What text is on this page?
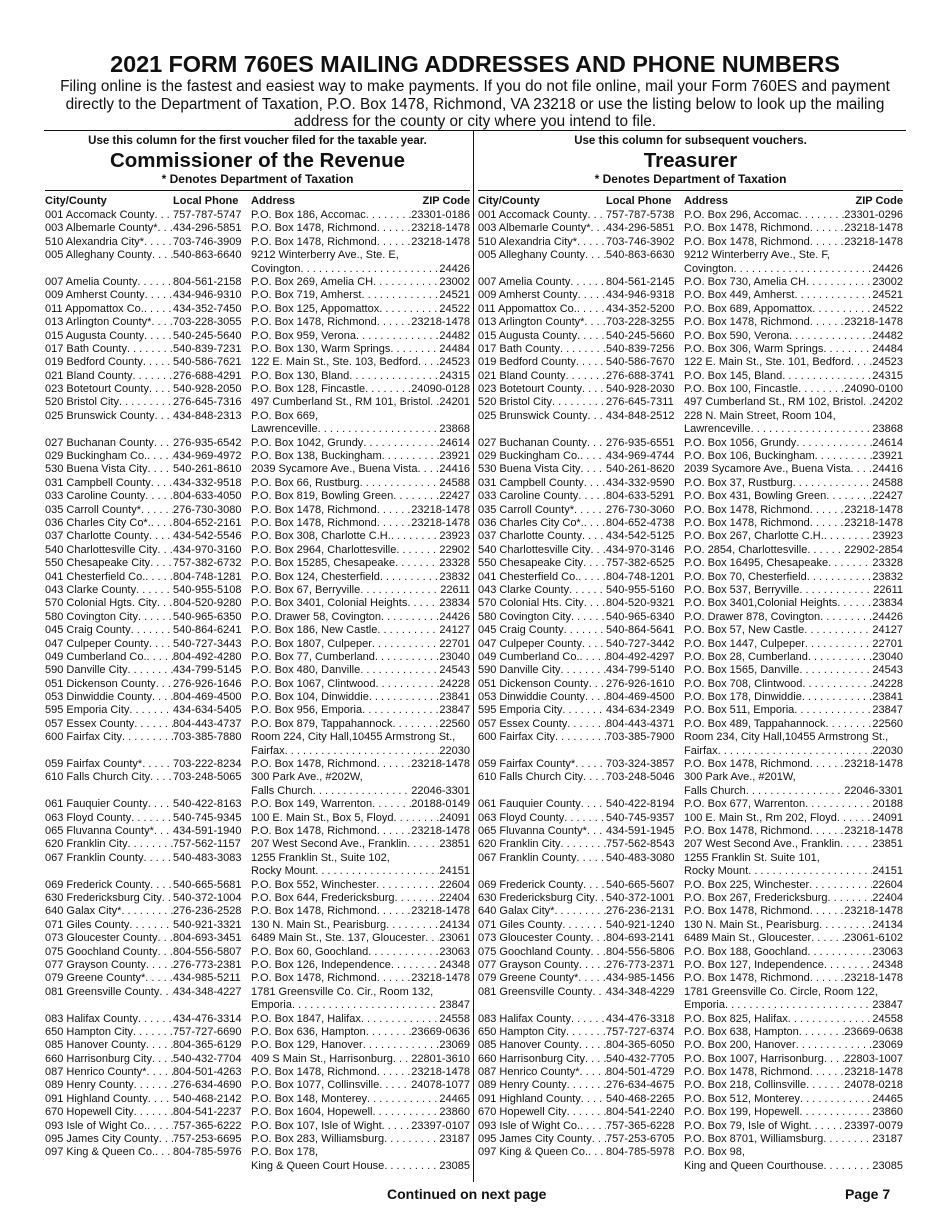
2021 FORM 760ES MAILING ADDRESSES AND PHONE NUMBERS
Filing online is the fastest and easiest way to make payments. If you do not file online, mail your Form 760ES and payment directly to the Department of Taxation, P.O. Box 1478, Richmond, VA 23218 or use the listing below to look up the mailing address for the county or city where you intend to file.
Use this column for the first voucher filed for the taxable year.
Commissioner of the Revenue
* Denotes Department of Taxation
City/County	Local Phone	Address	ZIP Code
001 Accomack County . . . 757-787-5747 P.O. Box 186, Accomac . . .	23301-0186
003 Albemarle County* . . . 434-296-5851 P.O. Box 1478, Richmond . . .	23218-1478
510 Alexandria City* . . .	703-746-3909 P.O. Box 1478, Richmond . . .	23218-1478
005 Alleghany County . . . 540-863-6640 9212 Winterberry Ave., Ste. E,
Covington . . .	24426
007 Amelia County . . .	804-561-2158 P.O. Box 269, Amelia CH . . .	23002
009 Amherst County . . .	434-946-9310 P.O. Box 719, Amherst . . .	24521
011 Appomattox Co. . . .	434-352-7450 P.O. Box 125, Appomattox . . .	24522
013 Arlington County* . . . 703-228-3055 P.O. Box 1478, Richmond . . .	23218-1478
015 Augusta County . . .	540-245-5640 P.O. Box 959, Verona . . .	24482
017 Bath County . . .	540-839-7231 P.O. Box 130, Warm Springs . . .	24484
019 Bedford County . . .	540-586-7621 122 E. Main St., Ste. 103, Bedford . . . 24523
021 Bland County . . .	276-688-4291 P.O. Box 130, Bland . . .	24315
023 Botetourt County . . . 540-928-2050 P.O. Box 128, Fincastle . . .	24090-0128
520 Bristol City . . .	276-645-7316 497 Cumberland St., RM 101, Bristol . . . 24201
025 Brunswick County . . . 434-848-2313 P.O. Box 669,
Lawrenceville . . .	23868
027 Buchanan County . . . 276-935-6542 P.O. Box 1042, Grundy . . .	24614
029 Buckingham Co. . . . 434-969-4972 P.O. Box 138, Buckingham . . .	23921
530 Buena Vista City . . . 540-261-8610 2039 Sycamore Ave., Buena Vista . . . 24416
031 Campbell County . . . 434-332-9518 P.O. Box 66, Rustburg . . .	24588
033 Caroline County . . .	804-633-4050 P.O. Box 819, Bowling Green . . .	22427
035 Carroll County* . . .	276-730-3080 P.O. Box 1478, Richmond . . .	23218-1478
036 Charles City Co*. . . . 804-652-2161 P.O. Box 1478, Richmond . . .	23218-1478
037 Charlotte County . . . 434-542-5546 P.O. Box 308, Charlotte C.H. . . .	23923
540 Charlottesville City . . . 434-970-3160 P.O. Box 2964, Charlottesville . . .	22902
550 Chesapeake City . . . 757-382-6732 P.O. Box 15285, Chesapeake . . .	23328
041 Chesterfield Co. . . .	804-748-1281 P.O. Box 124, Chesterfield . . .	23832
043 Clarke County . . .	540-955-5108 P.O. Box 67, Berryville . . .	22611
570 Colonial Hgts. City . . . 804-520-9280 P.O. Box 3401, Colonial Heights . . .	23834
580 Covington City . . .	540-965-6350 P.O. Drawer 58, Covington . . .	24426
045 Craig County . . .	540-864-6241 P.O. Box 186, New Castle . . .	24127
047 Culpeper County . . . 540-727-3443 P.O. Box 1807, Culpeper . . .	22701
049 Cumberland Co. . . . 804-492-4280 P.O. Box 77, Cumberland . . .	23040
590 Danville City . . .	434-799-5145 P.O. Box 480, Danville . . .	24543
051 Dickenson County . . . 276-926-1646 P.O. Box 1067, Clintwood . . .	24228
053 Dinwiddie County . . . 804-469-4500 P.O. Box 104, Dinwiddie . . .	23841
595 Emporia City . . .	434-634-5405 P.O. Box 956, Emporia . . .	23847
057 Essex County . . .	804-443-4737 P.O. Box 879, Tappahannock . . .	22560
600 Fairfax City . . .	703-385-7880 Room 224, City Hall,10455 Armstrong St.,
Fairfax . . .	22030
059 Fairfax County* . . .	703-222-8234 P.O. Box 1478, Richmond . . .	23218-1478
610 Falls Church City . . . 703-248-5065 300 Park Ave., #202W,
Falls Church . . .	22046-3301
061 Fauquier County . . . 540-422-8163 P.O. Box 149, Warrenton . . .	20188-0149
063 Floyd County . . .	540-745-9345 100 E. Main St., Box 5, Floyd . . .	24091
065 Fluvanna County* . . . 434-591-1940 P.O. Box 1478, Richmond . . .	23218-1478
620 Franklin City . . .	757-562-1157 207 West Second Ave., Franklin . . .	23851
067 Franklin County . . .	540-483-3083 1255 Franklin St., Suite 102,
Rocky Mount . . .	24151
069 Frederick County . . . 540-665-5681 P.O. Box 552, Winchester . . .	22604
630 Fredericksburg City . . . 540-372-1004 P.O. Box 644, Fredericksburg . . .	22404
640 Galax City* . . .	276-236-2528 P.O. Box 1478, Richmond . . .	23218-1478
071 Giles County . . .	540-921-3321 130 N. Main St., Pearisburg . . .	24134
073 Gloucester County . . . 804-693-3451 6489 Main St., Ste. 137, Gloucester . . . 23061
075 Goochland County . . . 804-556-5807 P.O. Box 60, Goochland . . .	23063
077 Grayson County . . . 276-773-2381 P.O. Box 126, Independence . . .	24348
079 Greene County* . . .	434-985-5211 P.O. Box 1478, Richmond . . .	23218-1478
081 Greensville County . . . 434-348-4227 1781 Greensville Co. Cir., Room 132,
Emporia . . .	23847
083 Halifax County . . .	434-476-3314 P.O. Box 1847, Halifax . . .	24558
650 Hampton City . . .	757-727-6690 P.O. Box 636, Hampton . . .	23669-0636
085 Hanover County . . . 804-365-6129 P.O. Box 129, Hanover . . .	23069
660 Harrisonburg City . . . 540-432-7704 409 S Main St., Harrisonburg . . . 22801-3610
087 Henrico County* . . . 804-501-4263 P.O. Box 1478, Richmond . . .	23218-1478
089 Henry County . . .	276-634-4690 P.O. Box 1077, Collinsville . . .	24078-1077
091 Highland County . . . 540-468-2142 P.O. Box 148, Monterey . . .	24465
670 Hopewell City . . .	804-541-2237 P.O. Box 1604, Hopewell . . .	23860
093 Isle of Wight Co. . . . 757-365-6222 P.O. Box 107, Isle of Wight . . .	23397-0107
095 James City County . . . 757-253-6695 P.O. Box 283, Williamsburg . . .	23187
097 King & Queen Co. . . . 804-785-5976 P.O. Box 178,
King & Queen Court House . . .	23085
Use this column for subsequent vouchers.
Treasurer
* Denotes Department of Taxation
City/County	Local Phone	Address	ZIP Code
001 Accomack County . . . 757-787-5738 P.O. Box 296, Accomac . . .	23301-0296
003 Albemarle County* . . . 434-296-5851 P.O. Box 1478, Richmond . . .	23218-1478
510 Alexandria City* . . .	703-746-3902 P.O. Box 1478, Richmond . . .	23218-1478
005 Alleghany County . . . 540-863-6630 9212 Winterberry Ave., Ste. F,
Covington . . .	24426
007 Amelia County . . .	804-561-2145 P.O. Box 730, Amelia CH . . .	23002
009 Amherst County . . .	434-946-9318 P.O. Box 449, Amherst . . .	24521
011 Appomattox Co. . . .	434-352-5200 P.O. Box 689, Appomattox . . .	24522
013 Arlington County* . . . 703-228-3255 P.O. Box 1478, Richmond . . .	23218-1478
015 Augusta County . . .	540-245-5660 P.O. Box 590, Verona . . .	24482
017 Bath County . . .	540-839-7256 P.O. Box 306, Warm Springs . . .	24484
019 Bedford County . . .	540-586-7670 122 E. Main St., Ste. 101, Bedford . . . 24523
021 Bland County . . .	276-688-3741 P.O. Box 145, Bland . . .	24315
023 Botetourt County . . . 540-928-2030 P.O. Box 100, Fincastle . . .	24090-0100
520 Bristol City . . .	276-645-7311 497 Cumberland St., RM 102, Bristol . . . 24202
025 Brunswick County . . . 434-848-2512 228 N. Main Street, Room 104,
Lawrenceville . . .	23868
027 Buchanan County . . . 276-935-6551 P.O. Box 1056, Grundy . . .	24614
029 Buckingham Co. . . . 434-969-4744 P.O. Box 106, Buckingham . . .	23921
530 Buena Vista City . . . 540-261-8620 2039 Sycamore Ave., Buena Vista . . . 24416
031 Campbell County . . . 434-332-9590 P.O. Box 37, Rustburg . . .	24588
033 Caroline County . . .	804-633-5291 P.O. Box 431, Bowling Green . . .	22427
035 Carroll County* . . .	276-730-3060 P.O. Box 1478, Richmond . . .	23218-1478
036 Charles City Co*. . . . 804-652-4738 P.O. Box 1478, Richmond . . .	23218-1478
037 Charlotte County . . . 434-542-5125 P.O. Box 267, Charlotte C.H. . . .	23923
540 Charlottesville City . . . 434-970-3146 P.O. 2854, Charlottesville . . .	22902-2854
550 Chesapeake City . . . 757-382-6525 P.O. Box 16495, Chesapeake . . .	23328
041 Chesterfield Co. . . .	804-748-1201 P.O. Box 70, Chesterfield . . .	23832
043 Clarke County . . .	540-955-5160 P.O. Box 537, Berryville . . .	22611
570 Colonial Hts. City . . . 804-520-9321 P.O. Box 3401,Colonial Heights . . .	23834
580 Covington City . . .	540-965-6340 P.O. Drawer 878, Covington . . .	24426
045 Craig County . . .	540-864-5641 P.O. Box 57, New Castle . . .	24127
047 Culpeper County . . . 540-727-3442 P.O. Box 1447, Culpeper . . .	22701
049 Cumberland Co. . . . 804-492-4297 P.O. Box 28, Cumberland . . .	23040
590 Danville City . . .	434-799-5140 P.O. Box 1565, Danville . . .	24543
051 Dickenson County . . . 276-926-1610 P.O. Box 708, Clintwood . . .	24228
053 Dinwiddie County . . . 804-469-4500 P.O. Box 178, Dinwiddie . . .	23841
595 Emporia City . . .	434-634-2349 P.O. Box 511, Emporia . . .	23847
057 Essex County . . .	804-443-4371 P.O. Box 489, Tappahannock . . .	22560
600 Fairfax City . . .	703-385-7900 Room 234, City Hall,10455 Armstrong St.,
Fairfax . . .	22030
059 Fairfax County* . . .	703-324-3857 P.O. Box 1478, Richmond . . .	23218-1478
610 Falls Church City . . . 703-248-5046 300 Park Ave., #201W,
Falls Church . . .	22046-3301
061 Fauquier County . . . 540-422-8194 P.O. Box 677, Warrenton . . .	20188
063 Floyd County . . .	540-745-9357 100 E. Main St., Rm 202, Floyd . . .	24091
065 Fluvanna County* . . . 434-591-1945 P.O. Box 1478, Richmond . . .	23218-1478
620 Franklin City . . .	757-562-8543 207 West Second Ave., Franklin . . .	23851
067 Franklin County . . .	540-483-3080 1255 Franklin St. Suite 101,
Rocky Mount . . .	24151
069 Frederick County . . . 540-665-5607 P.O. Box 225, Winchester . . .	22604
630 Fredericksburg City . . . 540-372-1001 P.O. Box 267, Fredericksburg . . .	22404
640 Galax City* . . .	276-236-2131 P.O. Box 1478, Richmond . . .	23218-1478
071 Giles County . . .	540-921-1240 130 N. Main St., Pearisburg . . .	24134
073 Gloucester County . . . 804-693-2141 6489 Main St., Gloucester . . .	23061-6102
075 Goochland County . . . 804-556-5806 P.O. Box 188, Goochland . . .	23063
077 Grayson County . . . 276-773-2371 P.O. Box 127, Independence . . .	24348
079 Greene County* . . .	434-985-1456 P.O. Box 1478, Richmond . . .	23218-1478
081 Greensville County . . . 434-348-4229 1781 Greensville Co. Circle, Room 122,
Emporia . . .	23847
083 Halifax County . . .	434-476-3318 P.O. Box 825, Halifax . . .	24558
650 Hampton City . . .	757-727-6374 P.O. Box 638, Hampton . . .	23669-0638
085 Hanover County . . . 804-365-6050 P.O. Box 200, Hanover . . .	23069
660 Harrisonburg City . . . 540-432-7705 P.O. Box 1007, Harrisonburg . . . 22803-1007
087 Henrico County* . . . 804-501-4729 P.O. Box 1478, Richmond . . .	23218-1478
089 Henry County . . .	276-634-4675 P.O. Box 218, Collinsville . . .	24078-0218
091 Highland County . . . 540-468-2265 P.O. Box 512, Monterey . . .	24465
670 Hopewell City . . .	804-541-2240 P.O. Box 199, Hopewell . . .	23860
093 Isle of Wight Co. . . . 757-365-6228 P.O. Box 79, Isle of Wight . . .	23397-0079
095 James City County . . . 757-253-6705 P.O. Box 8701, Williamsburg . . .	23187
097 King & Queen Co. . . . 804-785-5978 P.O. Box 98,
King and Queen Courthouse . . .	23085
Continued on next page	Page 7
